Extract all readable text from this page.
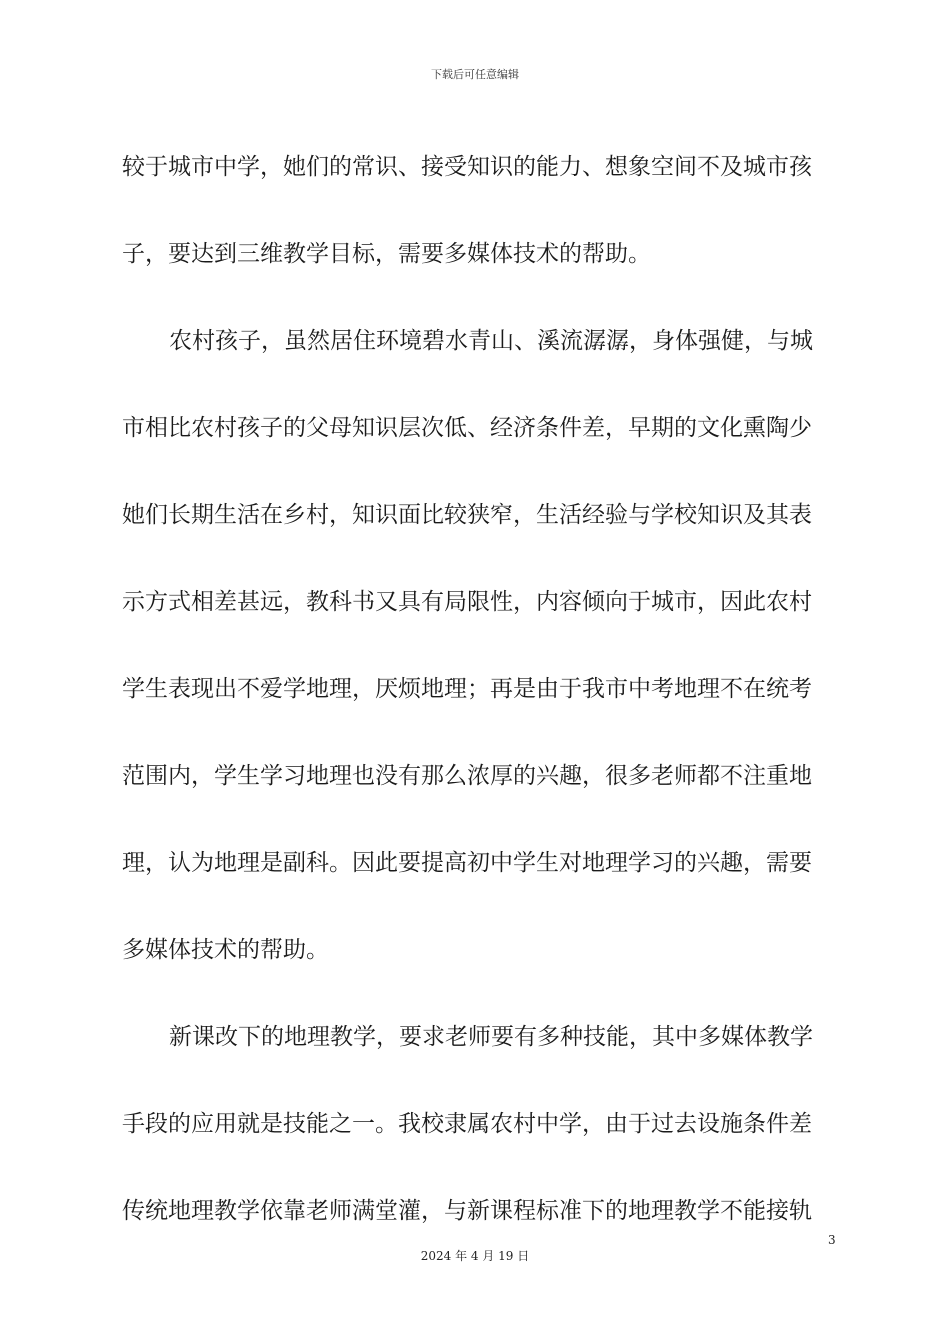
下载后可任意编辑
较于城市中学，她们的常识、接受知识的能力、想象空间不及城市孩
子，要达到三维教学目标，需要多媒体技术的帮助。
农村孩子，虽然居住环境碧水青山、溪流潺潺，身体强健，与城
市相比农村孩子的父母知识层次低、经济条件差，早期的文化熏陶少
她们长期生活在乡村，知识面比较狭窄，生活经验与学校知识及其表
示方式相差甚远，教科书又具有局限性，内容倾向于城市，因此农村
学生表现出不爱学地理，厌烦地理；再是由于我市中考地理不在统考
范围内，学生学习地理也没有那么浓厚的兴趣，很多老师都不注重地
理，认为地理是副科。因此要提高初中学生对地理学习的兴趣，需要
多媒体技术的帮助。
新课改下的地理教学，要求老师要有多种技能，其中多媒体教学
手段的应用就是技能之一。我校隶属农村中学，由于过去设施条件差
传统地理教学依靠老师满堂灌，与新课程标准下的地理教学不能接轨
3
2024 年 4 月 19 日
